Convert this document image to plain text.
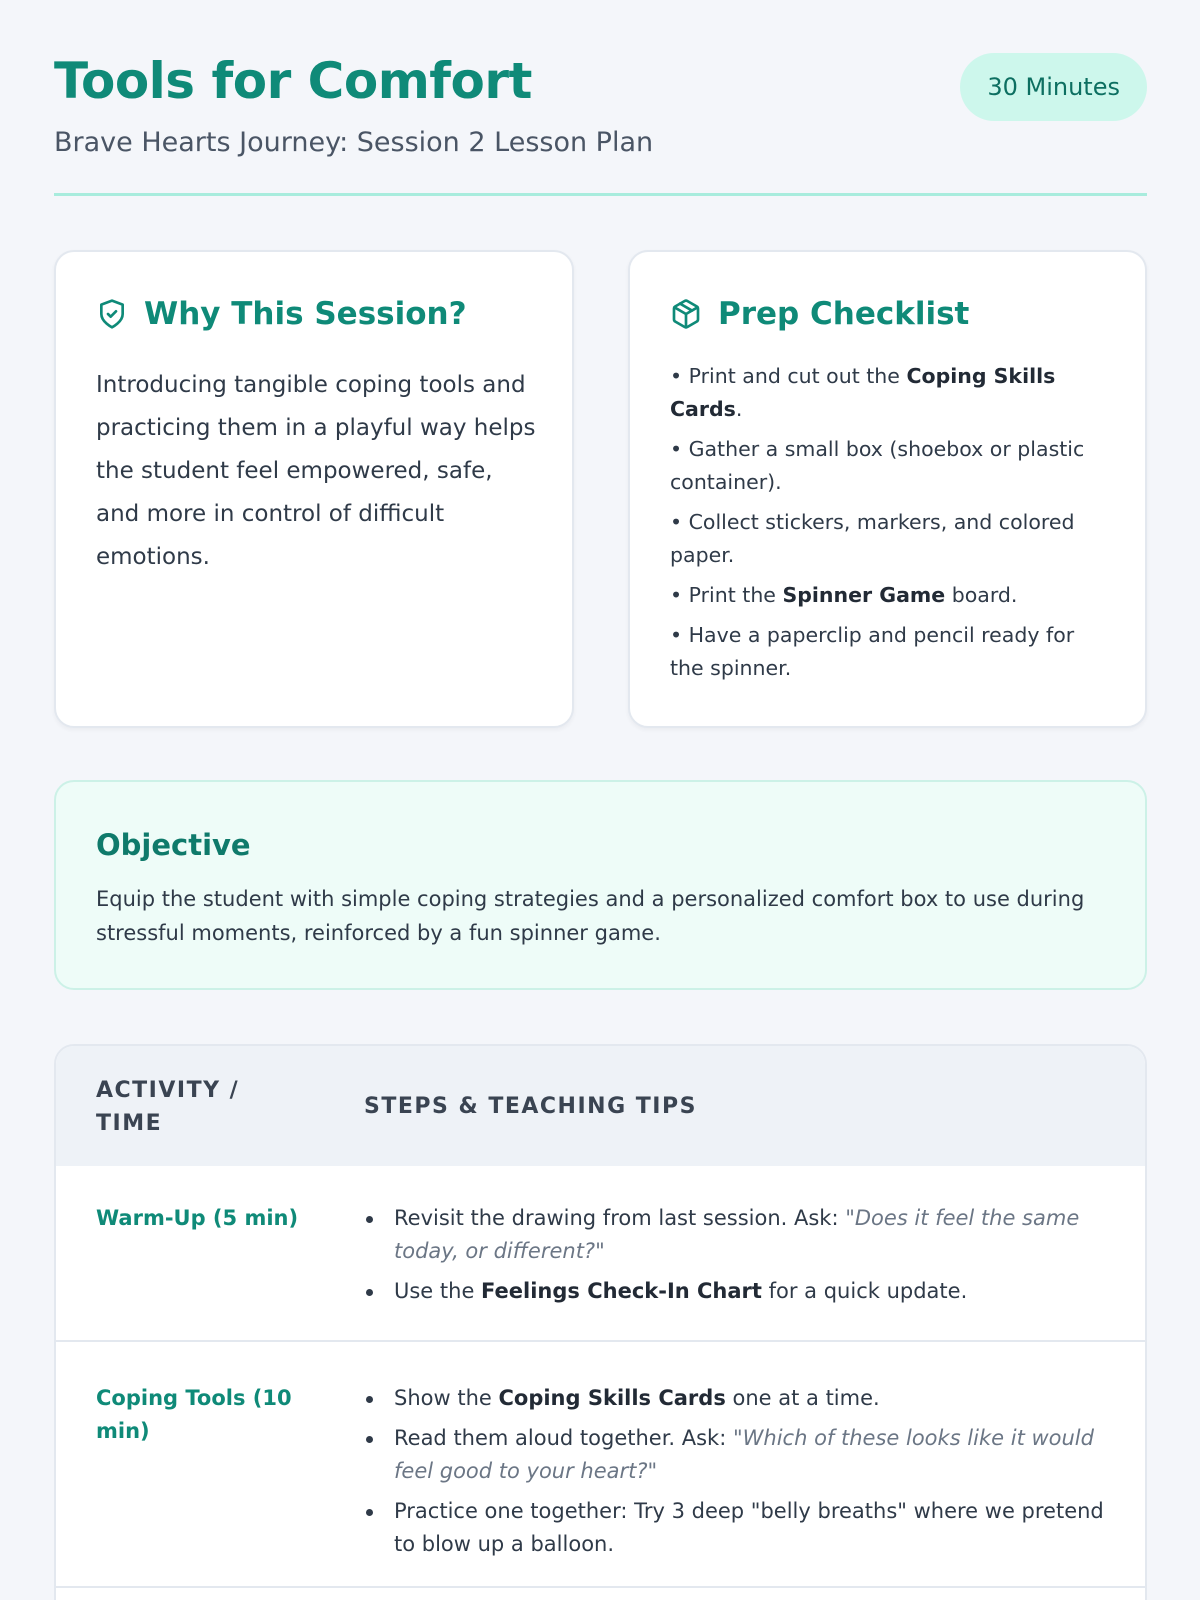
Tools for Comfort
Brave Hearts Journey: Session 2 Lesson Plan
30 Minutes
Why This Session?

Introducing tangible coping tools and practicing them in a playful way helps the student feel empowered, safe, and more in control of difficult emotions.

Prep Checklist
• Print and cut out the Coping Skills Cards.
• Gather a small box (shoebox or plastic container).
• Collect stickers, markers, and colored paper.
• Print the Spinner Game board.
• Have a paperclip and pencil ready for the spinner.
Objective

Equip the student with simple coping strategies and a personalized comfort box to use during stressful moments, reinforced by a fun spinner game.

ACTIVITY / TIME
STEPS & TEACHING TIPS
Warm-Up (5 min)	Revisit the drawing from last session. Ask: "Does it feel the same today, or different?"
Use the Feelings Check-In Chart for a quick update.
Coping Tools (10 min)
Show the Coping Skills Cards one at a time.
Read them aloud together. Ask: "Which of these looks like it would feel good to your heart?"
Practice one together: Try 3 deep "belly breaths" where we pretend to blow up a balloon.
